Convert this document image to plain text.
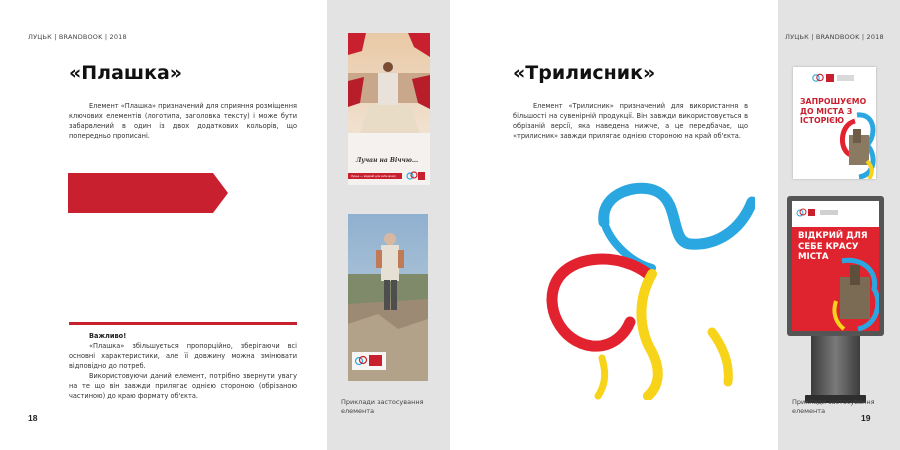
ЛУЦЬК | BRANDBOOK | 2018
«Плашка»
Елемент «Плашка» призначений для сприяння розміщення ключових елементів (логотипа, заголовка тексту) і може бути забарвлений в один із двох додаткових кольорів, що попередньо прописані.
Важливо!

«Плашка» збільшується пропорційно, зберігаючи всі основні характеристики, але її довжину можна змінювати відповідно до потреб.

Використовуючи даний елемент, потрібно звернути увагу на те що він завжди прилягає однією стороною (обрізаною частиною) до краю формату об'єкта.

18
Приклади застосування елемента
Лучан на Віччю...
Луцьк — відкрий для себе красу
ЛУЦЬК | BRANDBOOK | 2018
«Трилисник»
Елемент «Трилисник» призначений для використання в більшості на сувенірній продукції. Він завжди використовується в обрізаній версії, яка наведена нижче, а це передбачає, що «трилисник» завжди прилягає однією стороною на край об'єкта.
ЗАПРОШУЄМО ДО МІСТА З ІСТОРІЄЮ
ВІДКРИЙ ДЛЯ СЕБЕ КРАСУ МІСТА
19
Приклади застосування елемента
